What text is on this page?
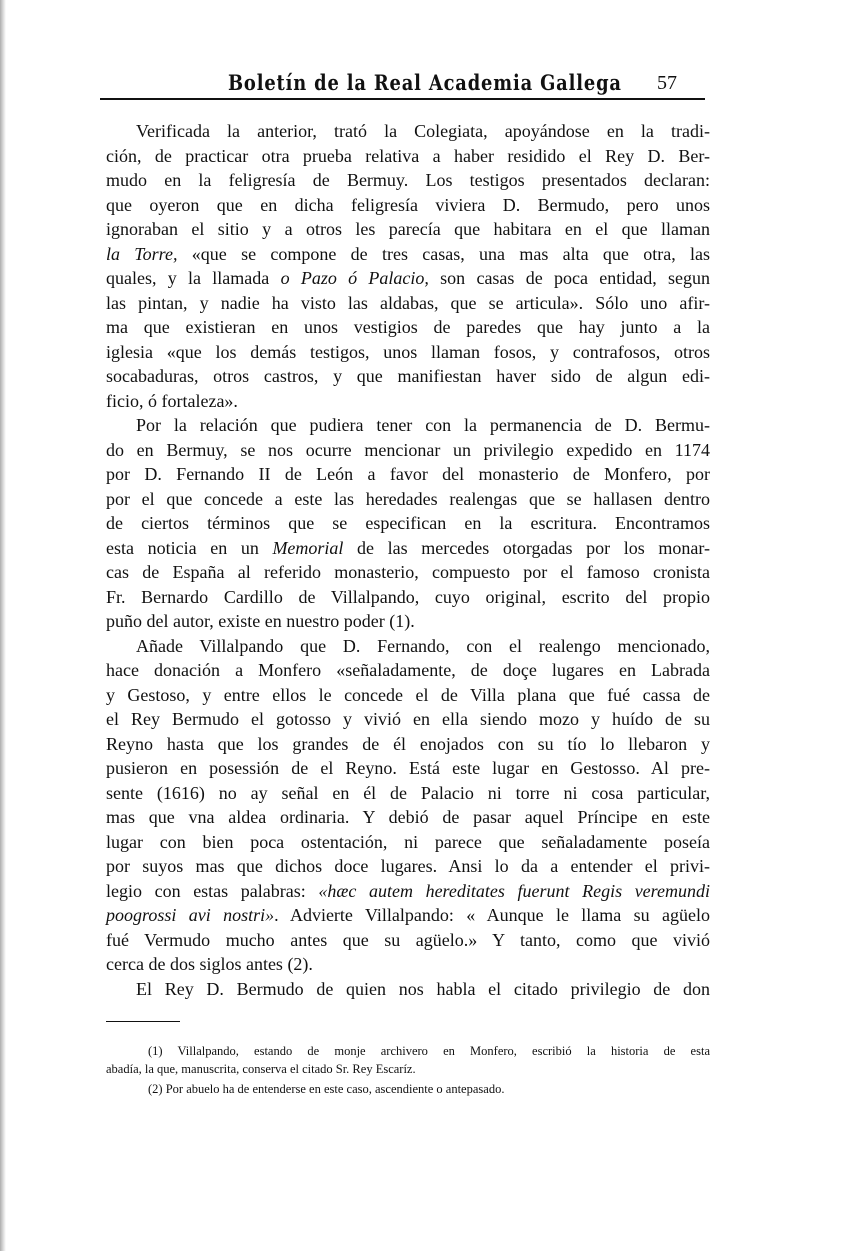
Boletín de la Real Academia Gallega 57
Verificada la anterior, trató la Colegiata, apoyándose en la tradi-
ción, de practicar otra prueba relativa a haber residido el Rey D. Ber-
mudo en la feligresía de Bermuy. Los testigos presentados declaran:
que oyeron que en dicha feligresía viviera D. Bermudo, pero unos
ignoraban el sitio y a otros les parecía que habitara en el que llaman
la Torre, «que se compone de tres casas, una mas alta que otra, las
quales, y la llamada o Pazo ó Palacio, son casas de poca entidad, segun
las pintan, y nadie ha visto las aldabas, que se articula». Sólo uno afir-
ma que existieran en unos vestigios de paredes que hay junto a la
iglesia «que los demás testigos, unos llaman fosos, y contrafosos, otros
socabaduras, otros castros, y que manifiestan haver sido de algun edi-
ficio, ó fortaleza».
Por la relación que pudiera tener con la permanencia de D. Bermu-
do en Bermuy, se nos ocurre mencionar un privilegio expedido en 1174
por D. Fernando II de León a favor del monasterio de Monfero, por
por el que concede a este las heredades realengas que se hallasen dentro
de ciertos términos que se especifican en la escritura. Encontramos
esta noticia en un Memorial de las mercedes otorgadas por los monar-
cas de España al referido monasterio, compuesto por el famoso cronista
Fr. Bernardo Cardillo de Villalpando, cuyo original, escrito del propio
puño del autor, existe en nuestro poder (1).
Añade Villalpando que D. Fernando, con el realengo mencionado,
hace donación a Monfero «señaladamente, de doçe lugares en Labrada
y Gestoso, y entre ellos le concede el de Villa plana que fué cassa de
el Rey Bermudo el gotosso y vivió en ella siendo mozo y huído de su
Reyno hasta que los grandes de él enojados con su tío lo llebaron y
pusieron en posessión de el Reyno. Está este lugar en Gestosso. Al pre-
sente (1616) no ay señal en él de Palacio ni torre ni cosa particular,
mas que vna aldea ordinaria. Y debió de pasar aquel Príncipe en este
lugar con bien poca ostentación, ni parece que señaladamente poseía
por suyos mas que dichos doce lugares. Ansi lo da a entender el privi-
legio con estas palabras: «hæc autem hereditates fuerunt Regis veremundi
poogrossi avi nostri». Advierte Villalpando: « Aunque le llama su agüelo
fué Vermudo mucho antes que su agüelo.» Y tanto, como que vivió
cerca de dos siglos antes (2).
El Rey D. Bermudo de quien nos habla el citado privilegio de don
(1) Villalpando, estando de monje archivero en Monfero, escribió la historia de esta
abadía, la que, manuscrita, conserva el citado Sr. Rey Escaríz.
(2) Por abuelo ha de entenderse en este caso, ascendiente o antepasado.
